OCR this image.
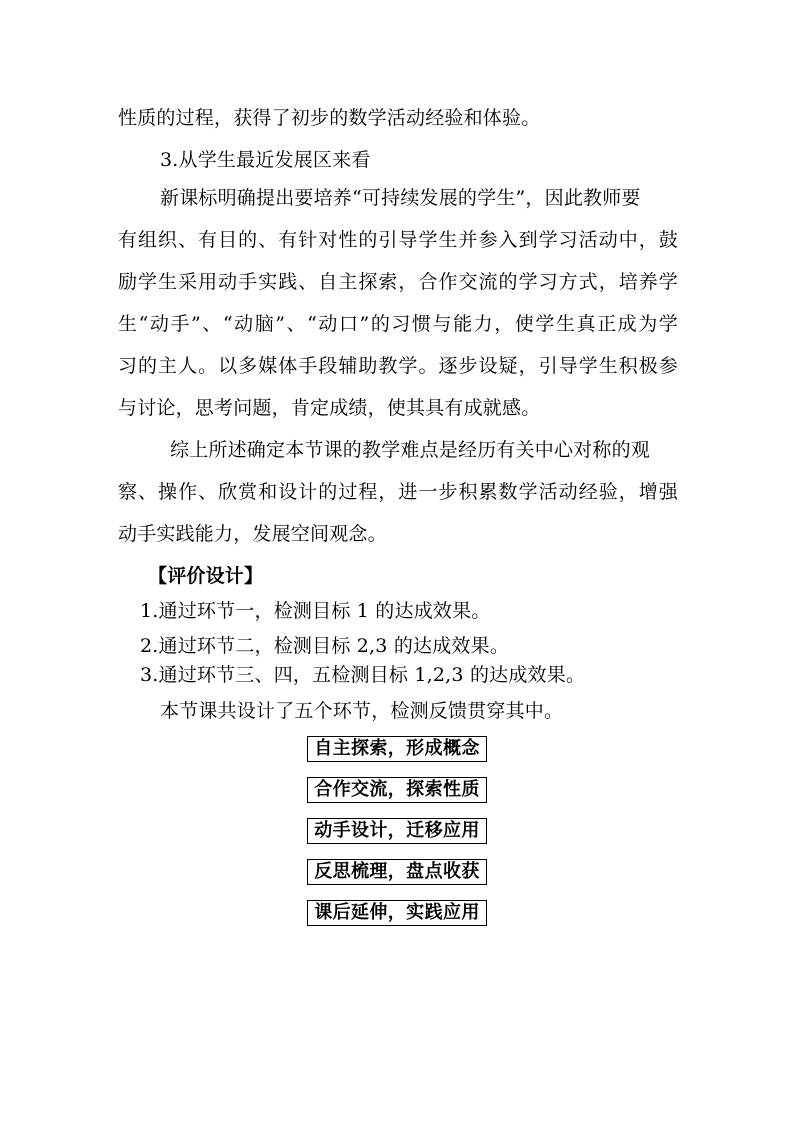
性质的过程，获得了初步的数学活动经验和体验。
3.从学生最近发展区来看
新课标明确提出要培养“可持续发展的学生”，因此教师要
有组织、有目的、有针对性的引导学生并参入到学习活动中，鼓
励学生采用动手实践、自主探索，合作交流的学习方式，培养学
生“动手”、“动脑”、“动口”的习惯与能力，使学生真正成为学
习的主人。以多媒体手段辅助教学。逐步设疑，引导学生积极参
与讨论，思考问题，肯定成绩，使其具有成就感。
综上所述确定本节课的教学难点是经历有关中心对称的观
察、操作、欣赏和设计的过程，进一步积累数学活动经验，增强
动手实践能力，发展空间观念。
【评价设计】
1.通过环节一，检测目标 1 的达成效果。
2.通过环节二，检测目标 2,3 的达成效果。
3.通过环节三、四，五检测目标 1,2,3 的达成效果。
本节课共设计了五个环节，检测反馈贯穿其中。
自主探索，形成概念
合作交流，探索性质
动手设计，迁移应用
反思梳理，盘点收获
课后延伸，实践应用
